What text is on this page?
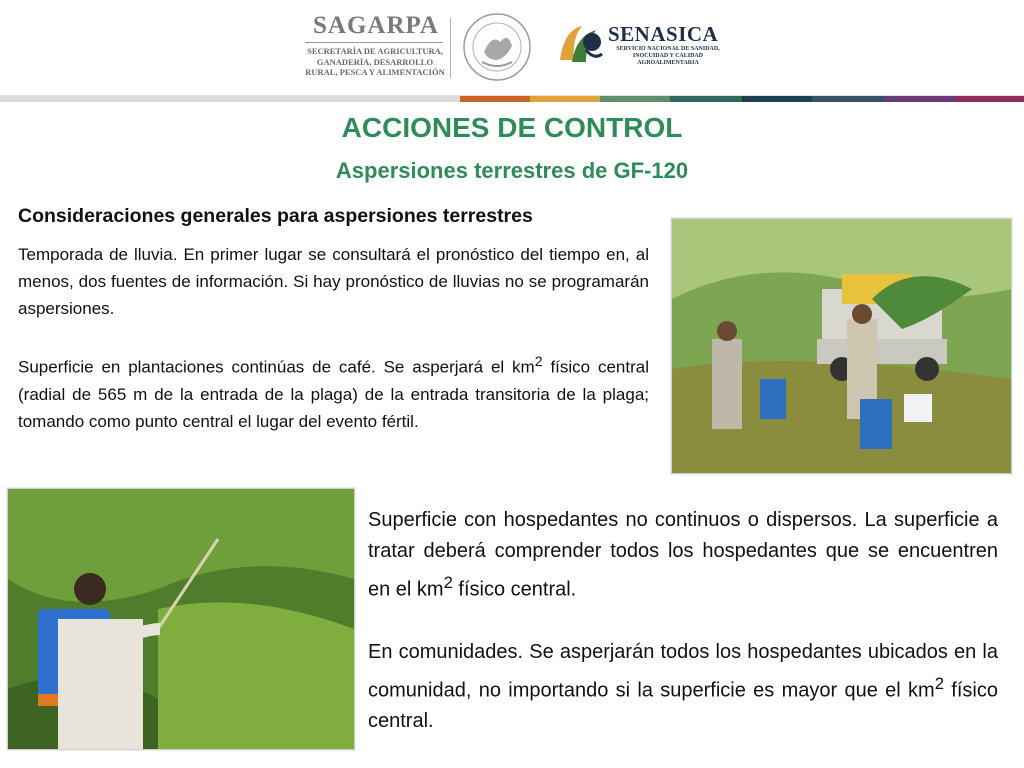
SAGARPA
SECRETARÍA DE AGRICULTURA, GANADERÍA, DESARROLLO RURAL, PESCA Y ALIMENTACIÓN
SENASICA
SERVICIO NACIONAL DE SANIDAD, INOCUIDAD Y CALIDAD AGROALIMENTARIA
ACCIONES DE CONTROL
Aspersiones terrestres de GF-120
Consideraciones generales para aspersiones terrestres

Temporada de lluvia. En primer lugar se consultará el pronóstico del tiempo en, al menos, dos fuentes de información. Si hay pronóstico de lluvias no se programarán aspersiones.

Superficie en plantaciones continúas de café. Se asperjará el $km^2$ físico central (radial de 565 m de la entrada de la plaga) de la entrada transitoria de la plaga; tomando como punto central el lugar del evento fértil.

Superficie con hospedantes no continuos o dispersos. La superficie a tratar deberá comprender todos los hospedantes que se encuentren en el $km^2$ físico central.

En comunidades. Se asperjarán todos los hospedantes ubicados en la comunidad, no importando si la superficie es mayor que el $km^2$ físico central.
